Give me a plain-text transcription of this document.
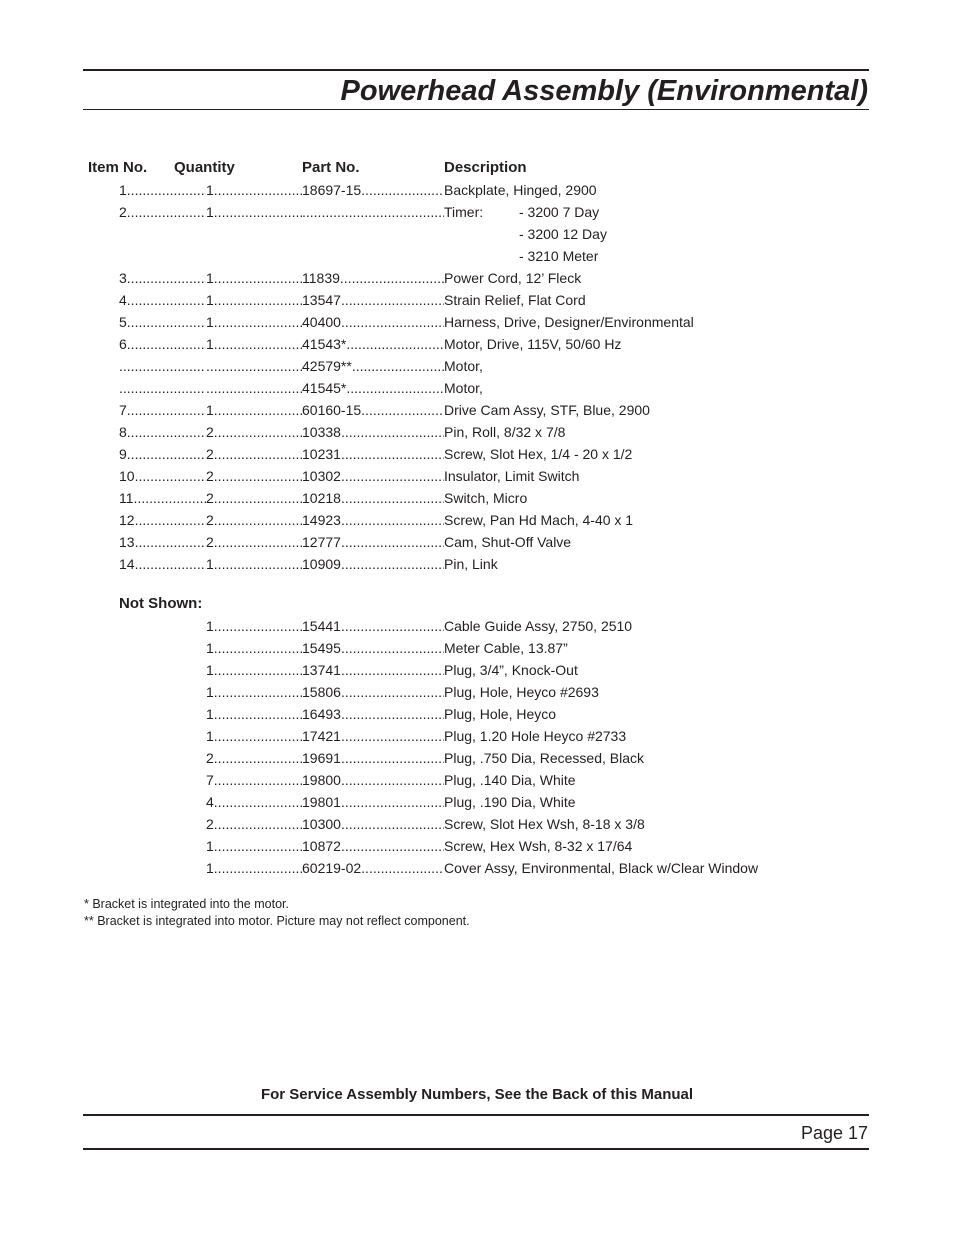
Powerhead Assembly (Environmental)
Item No. Quantity	Part No.	Description
1 .....	1 .....	18697-15 .....	Backplate, Hinged, 2900
2 .....	1 .....
.....	Timer:	- 3200 7 Day
- 3200 12 Day
- 3210 Meter
3 .....	1 .....	11839 .....	Power Cord, 12’ Fleck
4 .....	1 .....	13547 .....	Strain Relief, Flat Cord
5 .....	1 .....	40400 .....	Harness, Drive, Designer/Environmental
6 .....	1 .....	41543* .....	Motor, Drive, 115V, 50/60 Hz
.....
.....
42579** .....	Motor,
.....
.....
41545* .....	Motor,
7 .....	1 .....	60160-15 .....	Drive Cam Assy, STF, Blue, 2900
8 .....	2 .....	10338 .....	Pin, Roll, 8/32 x 7/8
9 .....	2 .....	10231 .....	Screw, Slot Hex, 1/4 - 20 x 1/2
10 .....	2 .....	10302 .....	Insulator, Limit Switch
11 .....	2 .....	10218 .....	Switch, Micro
12 .....	2 .....	14923 .....	Screw, Pan Hd Mach, 4-40 x 1
13 .....	2 .....	12777 .....	Cam, Shut-Off Valve
14 .....	1 .....	10909 .....	Pin, Link
Not Shown:
1 .....	15441 .....	Cable Guide Assy, 2750, 2510
1 .....	15495 .....	Meter Cable, 13.87”
1 .....	13741 .....	Plug, 3/4”, Knock-Out
1 .....	15806 .....	Plug, Hole, Heyco #2693
1 .....	16493 .....	Plug, Hole, Heyco
1 .....	17421 .....	Plug, 1.20 Hole Heyco #2733
2 .....	19691 .....	Plug, .750 Dia, Recessed, Black
7 .....	19800 .....	Plug, .140 Dia, White
4 .....	19801 .....	Plug, .190 Dia, White
2 .....	10300 .....	Screw, Slot Hex Wsh, 8-18 x 3/8
1 .....	10872 .....	Screw, Hex Wsh, 8-32 x 17/64
1 .....	60219-02 .....	Cover Assy, Environmental, Black w/Clear Window
* Bracket is integrated into the motor.
** Bracket is integrated into motor. Picture may not reflect component.
For Service Assembly Numbers, See the Back of this Manual
Page 17
